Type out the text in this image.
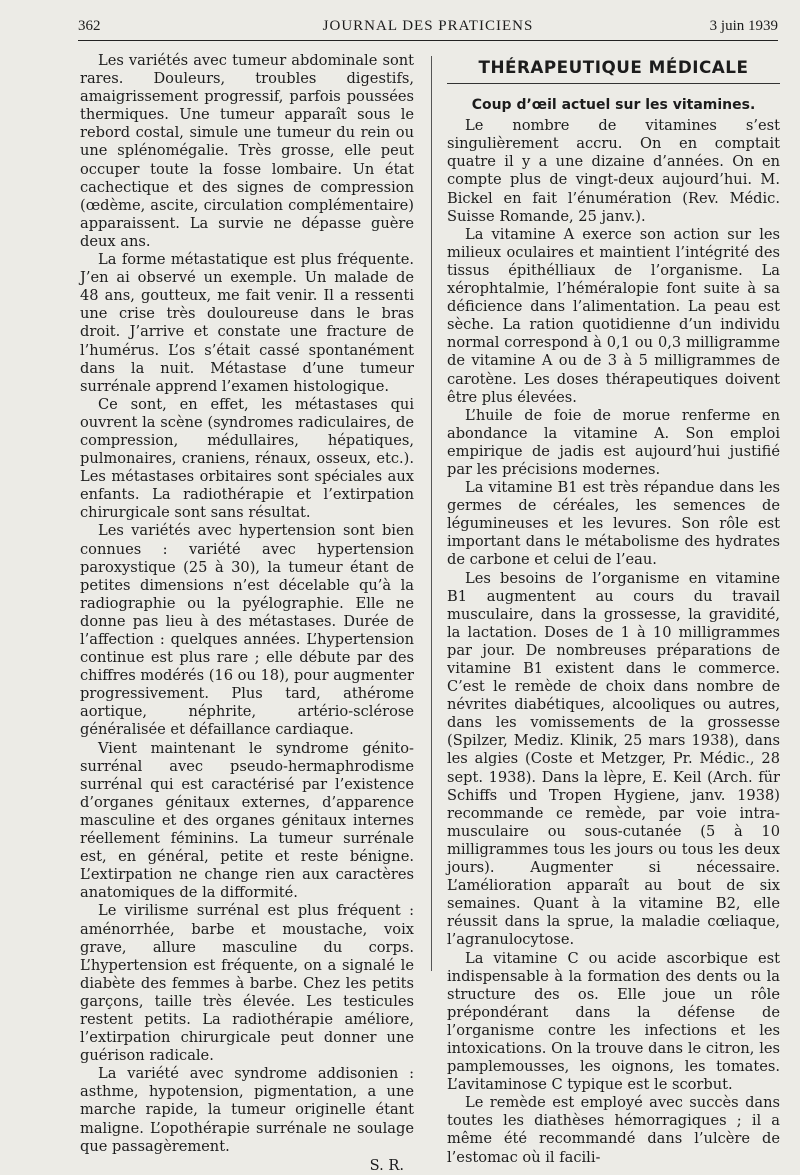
362	JOURNAL DES PRATICIENS	3 juin 1939

Les variétés avec tumeur abdominale sont rares. Douleurs, troubles digestifs, amaigrissement progressif, parfois poussées thermiques. Une tumeur apparaît sous le rebord costal, simule une tumeur du rein ou une splénomégalie. Très grosse, elle peut occuper toute la fosse lombaire. Un état cachectique et des signes de compression (œdème, ascite, circulation complémentaire) apparaissent. La survie ne dépasse guère deux ans.

La forme métastatique est plus fréquente. J’en ai observé un exemple. Un malade de 48 ans, goutteux, me fait venir. Il a ressenti une crise très douloureuse dans le bras droit. J’arrive et constate une fracture de l’humérus. L’os s’était cassé spontanément dans la nuit. Métastase d’une tumeur surrénale apprend l’examen histologique.

Ce sont, en effet, les métastases qui ouvrent la scène (syndromes radiculaires, de compression, médullaires, hépatiques, pulmonaires, craniens, rénaux, osseux, etc.). Les métastases orbitaires sont spéciales aux enfants. La radiothérapie et l’extirpation chirurgicale sont sans résultat.

Les variétés avec hypertension sont bien connues : variété avec hypertension paroxystique (25 à 30), la tumeur étant de petites dimensions n’est décelable qu’à la radiographie ou la pyélographie. Elle ne donne pas lieu à des métastases. Durée de l’affection : quelques années. L’hypertension continue est plus rare ; elle débute par des chiffres modérés (16 ou 18), pour augmenter progressivement. Plus tard, athérome aortique, néphrite, artério-sclérose généralisée et défaillance cardiaque.

Vient maintenant le syndrome génito-surrénal avec pseudo-hermaphrodisme surrénal qui est caractérisé par l’existence d’organes génitaux externes, d’apparence masculine et des organes génitaux internes réellement féminins. La tumeur surrénale est, en général, petite et reste bénigne. L’extirpation ne change rien aux caractères anatomiques de la difformité.

Le virilisme surrénal est plus fréquent : aménorrhée, barbe et moustache, voix grave, allure masculine du corps. L’hypertension est fréquente, on a signalé le diabète des femmes à barbe. Chez les petits garçons, taille très élevée. Les testicules restent petits. La radiothérapie améliore, l’extirpation chirurgicale peut donner une guérison radicale.

La variété avec syndrome addisonien : asthme, hypotension, pigmentation, a une marche rapide, la tumeur originelle étant maligne. L’opothérapie surrénale ne soulage que passagèrement.

S. R.

THÉRAPEUTIQUE MÉDICALE
Coup d’œil actuel sur les vitamines.

Le nombre de vitamines s’est singulièrement accru. On en comptait quatre il y a une dizaine d’années. On en compte plus de vingt-deux aujourd’hui. M. Bickel en fait l’énumération (Rev. Médic. Suisse Romande, 25 janv.).

La vitamine A exerce son action sur les milieux oculaires et maintient l’intégrité des tissus épithélliaux de l’organisme. La xérophtalmie, l’héméralopie font suite à sa déficience dans l’alimentation. La peau est sèche. La ration quotidienne d’un individu normal correspond à 0,1 ou 0,3 milligramme de vitamine A ou de 3 à 5 milligrammes de carotène. Les doses thérapeutiques doivent être plus élevées.

L’huile de foie de morue renferme en abondance la vitamine A. Son emploi empirique de jadis est aujourd’hui justifié par les précisions modernes.

La vitamine B1 est très répandue dans les germes de céréales, les semences de légumineuses et les levures. Son rôle est important dans le métabolisme des hydrates de carbone et celui de l’eau.

Les besoins de l’organisme en vitamine B1 augmentent au cours du travail musculaire, dans la grossesse, la gravidité, la lactation. Doses de 1 à 10 milligrammes par jour. De nombreuses préparations de vitamine B1 existent dans le commerce. C’est le remède de choix dans nombre de névrites diabétiques, alcooliques ou autres, dans les vomissements de la grossesse (Spilzer, Mediz. Klinik, 25 mars 1938), dans les algies (Coste et Metzger, Pr. Médic., 28 sept. 1938). Dans la lèpre, E. Keil (Arch. für Schiffs und Tropen Hygiene, janv. 1938) recommande ce remède, par voie intra-musculaire ou sous-cutanée (5 à 10 milligrammes tous les jours ou tous les deux jours). Augmenter si nécessaire. L’amélioration apparaît au bout de six semaines. Quant à la vitamine B2, elle réussit dans la sprue, la maladie cœliaque, l’agranulocytose.

La vitamine C ou acide ascorbique est indispensable à la formation des dents ou la structure des os. Elle joue un rôle prépondérant dans la défense de l’organisme contre les infections et les intoxications. On la trouve dans le citron, les pamplemousses, les oignons, les tomates. L’avitaminose C typique est le scorbut.

Le remède est employé avec succès dans toutes les diathèses hémorragiques ; il a même été recommandé dans l’ulcère de l’estomac où il facili-
